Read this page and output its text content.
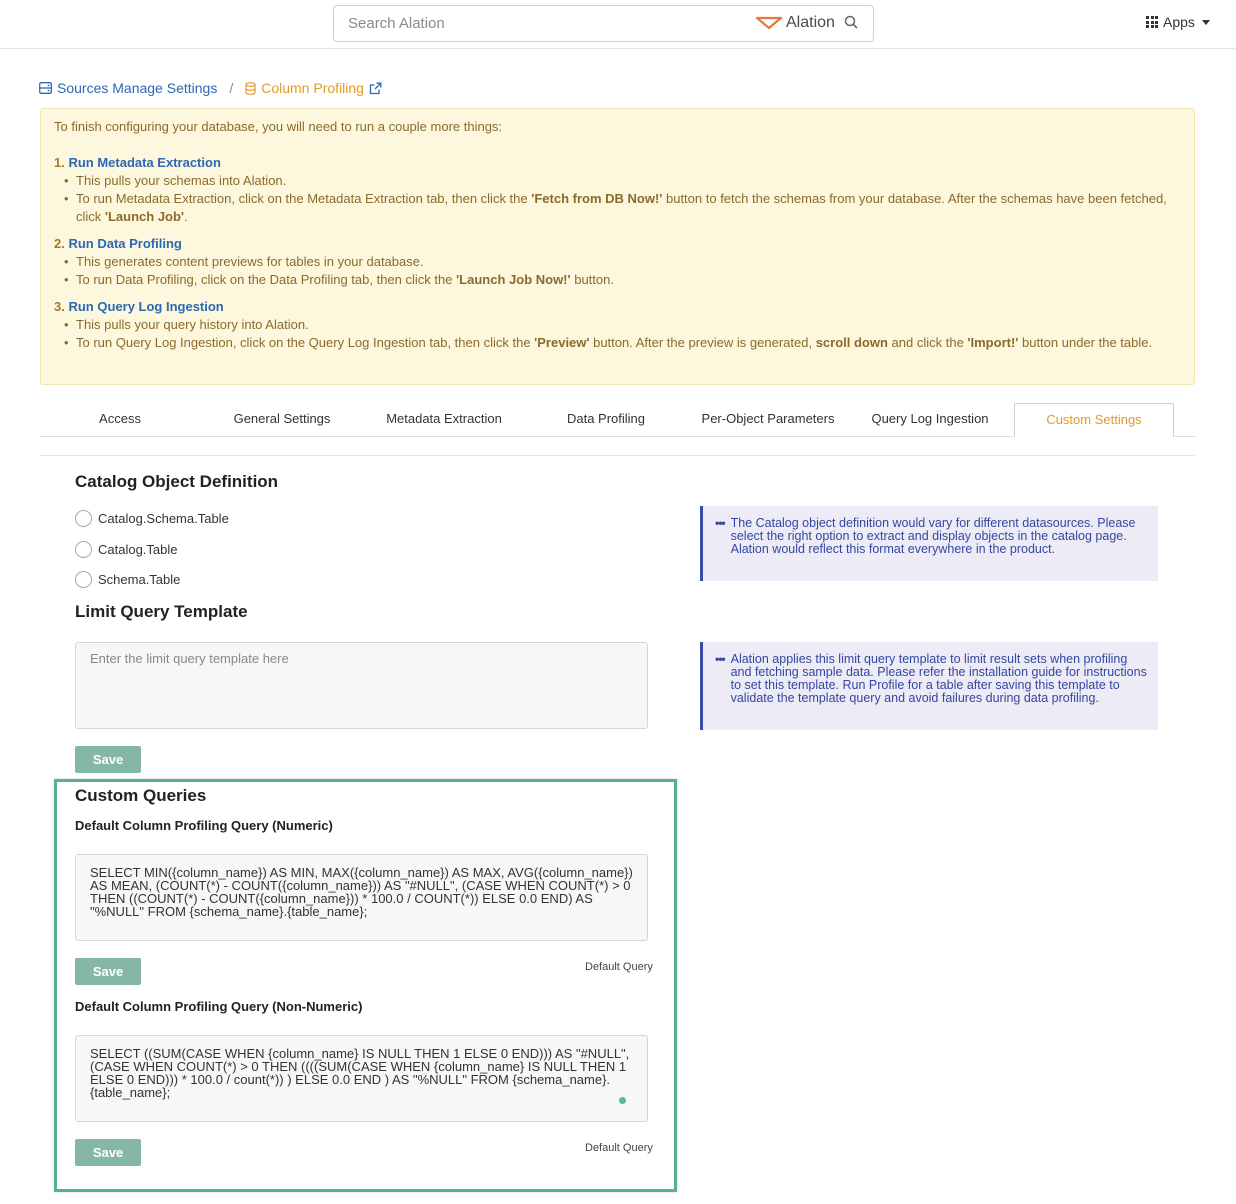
Search Alation	Alation	Apps
Sources Manage Settings / Column Profiling
To finish configuring your database, you will need to run a couple more things:
1. Run Metadata Extraction
• This pulls your schemas into Alation.
• To run Metadata Extraction, click on the Metadata Extraction tab, then click the 'Fetch from DB Now!' button to fetch the schemas from your database. After the schemas have been fetched, click 'Launch Job'.
2. Run Data Profiling
• This generates content previews for tables in your database.
• To run Data Profiling, click on the Data Profiling tab, then click the 'Launch Job Now!' button.
3. Run Query Log Ingestion
• This pulls your query history into Alation.
• To run Query Log Ingestion, click on the Query Log Ingestion tab, then click the 'Preview' button. After the preview is generated, scroll down and click the 'Import!' button under the table.
Access	General Settings	Metadata Extraction	Data Profiling	Per-Object Parameters	Query Log Ingestion	Custom Settings
Catalog Object Definition
Catalog.Schema.Table
Catalog.Table
Schema.Table
••• The Catalog object definition would vary for different datasources. Please select the right option to extract and display objects in the catalog page. Alation would reflect this format everywhere in the product.
Limit Query Template
Enter the limit query template here	••• Alation applies this limit query template to limit result sets when profiling and fetching sample data. Please refer the installation guide for instructions to set this template. Run Profile for a table after saving this template to validate the template query and avoid failures during data profiling.
Save
Custom Queries
Default Column Profiling Query (Numeric)
SELECT MIN({column_name}) AS MIN, MAX({column_name}) AS MAX, AVG({column_name}) AS MEAN, (COUNT(*) - COUNT({column_name})) AS "#NULL", (CASE WHEN COUNT(*) > 0 THEN ((COUNT(*) - COUNT({column_name})) * 100.0 / COUNT(*)) ELSE 0.0 END) AS "%NULL" FROM {schema_name}.{table_name};
Save	Default Query
Default Column Profiling Query (Non-Numeric)
SELECT ((SUM(CASE WHEN {column_name} IS NULL THEN 1 ELSE 0 END))) AS "#NULL", (CASE WHEN COUNT(*) > 0 THEN ((((SUM(CASE WHEN {column_name} IS NULL THEN 1 ELSE 0 END))) * 100.0 / count(*)) ) ELSE 0.0 END ) AS "%NULL" FROM {schema_name}.{table_name};
Save	Default Query
